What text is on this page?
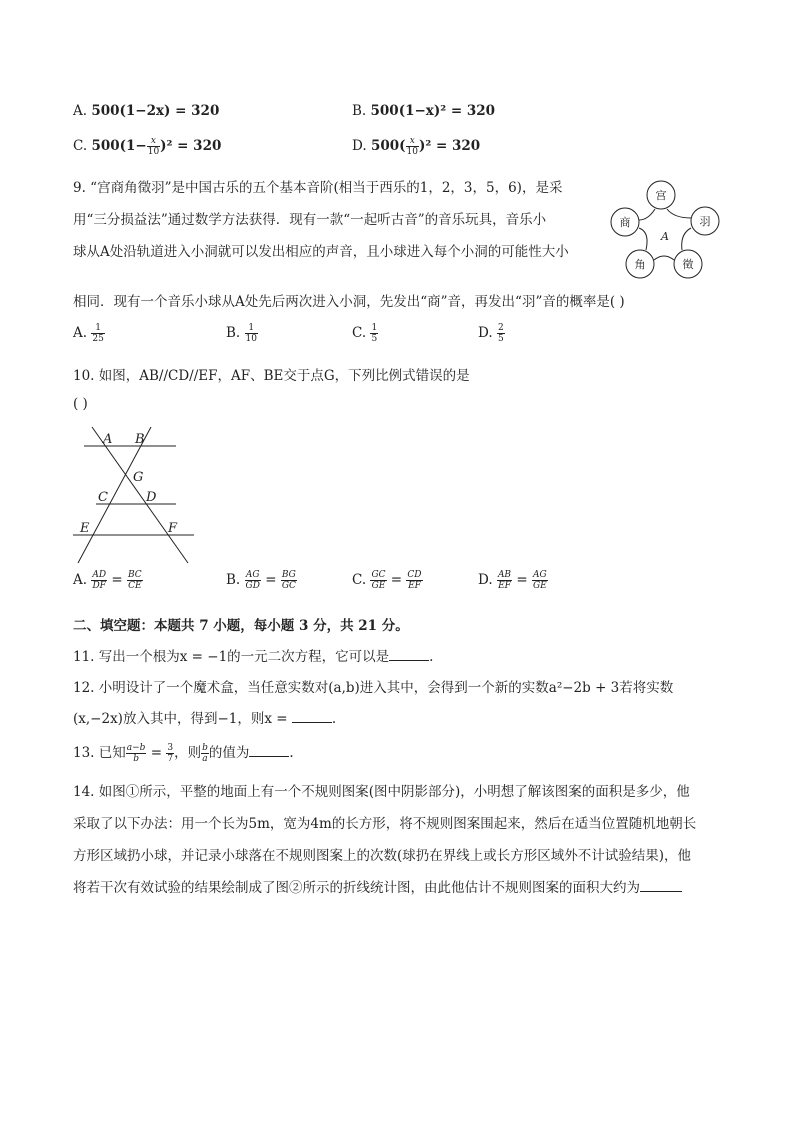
A. 500(1−2x) = 320	B. 500(1−x)² = 320
C. $500(1- \frac{x}{10} )^2 = 320$	D. $500( \frac{x}{10} )^2 = 320$
9. “宫商角徵羽”是中国古乐的五个基本音阶(相当于西乐的1，2，3，5，6)，是采
用“三分损益法”通过数学方法获得．现有一款“一起听古音”的音乐玩具，音乐小
球从A处沿轨道进入小洞就可以发出相应的声音，且小球进入每个小洞的可能性大小
相同．现有一个音乐小球从A处先后两次进入小洞，先发出“商”音，再发出“羽”音的概率是( )
宫
商	羽
角	徵
A
A. $\frac{1}{25}$	B. $\frac{1}{10}$	C. $\frac{1}{5}$	D. $\frac{2}{5}$
10. 如图，AB//CD//EF，AF、BE交于点G，下列比例式错误的是
( )
A B
G
C	D
E	F
A. $\frac{AD}{DF} = \frac{BC}{CE}$	B. $\frac{AG}{GD} = \frac{BG}{GC}$	C. $\frac{GC}{GE} = \frac{CD}{EF}$	D. $\frac{AB}{EF} = \frac{AG}{GE}$
二、填空题：本题共 7 小题，每小题 3 分，共 21 分。
11. 写出一个根为x = −1的一元二次方程，它可以是	.
12. 小明设计了一个魔术盒，当任意实数对(a,b)进入其中，会得到一个新的实数a²−2b + 3若将实数
(x,−2x)放入其中，得到−1，则x =	.
13. 已知 $\frac{a-b}{b} = \frac{3}{7}$ ，则 $\frac{b}{a}$ 的值为	.
14. 如图①所示，平整的地面上有一个不规则图案(图中阴影部分)，小明想了解该图案的面积是多少，他
采取了以下办法：用一个长为5m，宽为4m的长方形，将不规则图案围起来，然后在适当位置随机地朝长
方形区域扔小球，并记录小球落在不规则图案上的次数(球扔在界线上或长方形区域外不计试验结果)，他
将若干次有效试验的结果绘制成了图②所示的折线统计图，由此他估计不规则图案的面积大约为
